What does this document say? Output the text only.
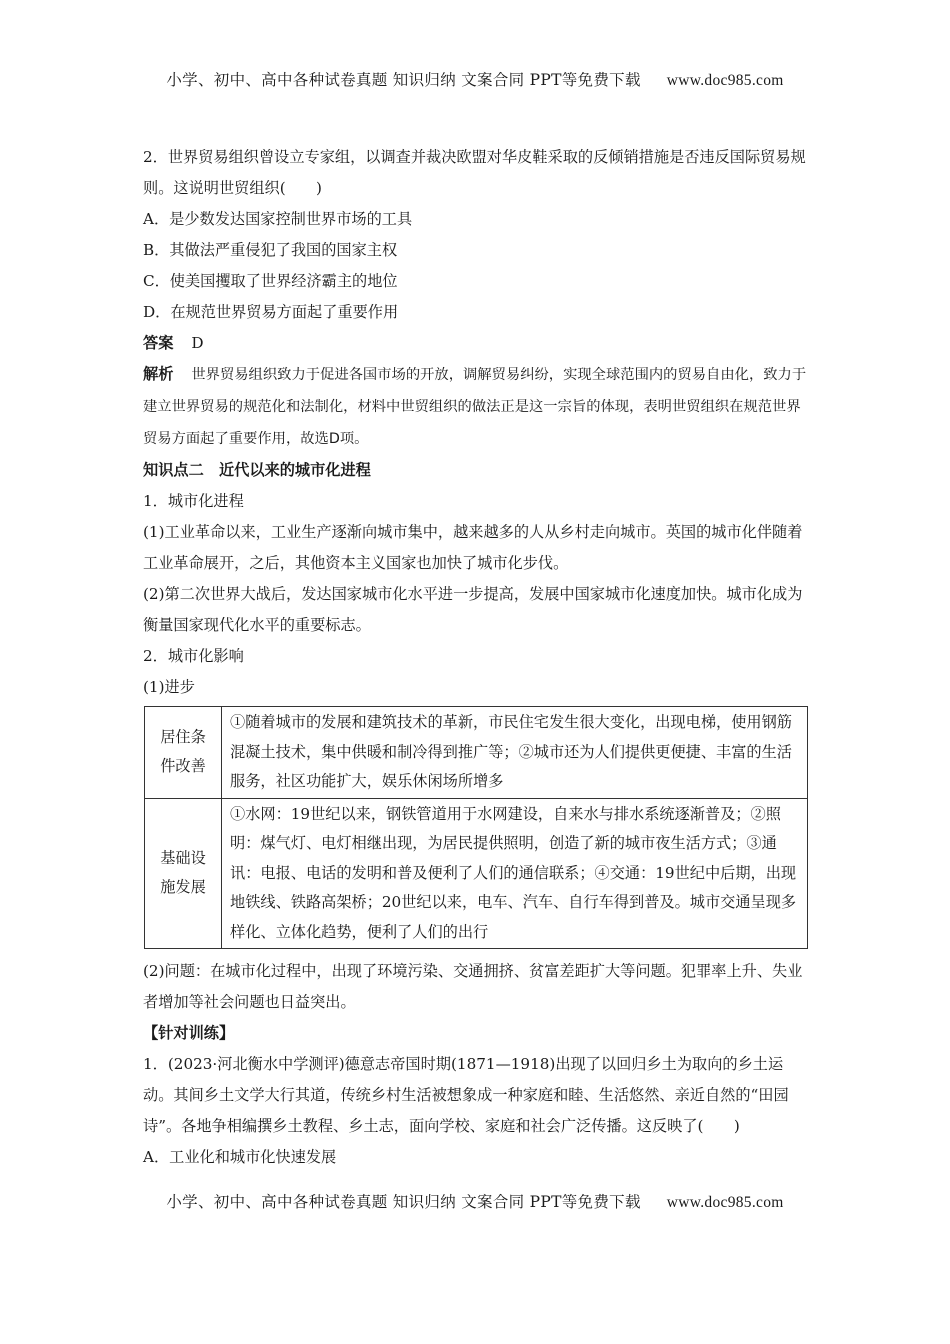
小学、初中、高中各种试卷真题 知识归纳 文案合同 PPT等免费下载 www.doc985.com

2．世界贸易组织曾设立专家组，以调查并裁决欧盟对华皮鞋采取的反倾销措施是否违反国际贸易规则。这说明世贸组织(　　)

A．是少数发达国家控制世界市场的工具

B．其做法严重侵犯了我国的国家主权

C．使美国攫取了世界经济霸主的地位

D．在规范世界贸易方面起了重要作用

答案 D

解析 世界贸易组织致力于促进各国市场的开放，调解贸易纠纷，实现全球范围内的贸易自由化，致力于建立世界贸易的规范化和法制化，材料中世贸组织的做法正是这一宗旨的体现，表明世贸组织在规范世界贸易方面起了重要作用，故选D项。

知识点二　近代以来的城市化进程

1．城市化进程

(1)工业革命以来，工业生产逐渐向城市集中，越来越多的人从乡村走向城市。英国的城市化伴随着工业革命展开，之后，其他资本主义国家也加快了城市化步伐。

(2)第二次世界大战后，发达国家城市化水平进一步提高，发展中国家城市化速度加快。城市化成为衡量国家现代化水平的重要标志。

2．城市化影响

(1)进步

居住条件改善	①随着城市的发展和建筑技术的革新，市民住宅发生很大变化，出现电梯，使用钢筋混凝土技术，集中供暖和制冷得到推广等；②城市还为人们提供更便捷、丰富的生活服务，社区功能扩大，娱乐休闲场所增多
基础设施发展	①水网：19世纪以来，钢铁管道用于水网建设，自来水与排水系统逐渐普及；②照明：煤气灯、电灯相继出现，为居民提供照明，创造了新的城市夜生活方式；③通讯：电报、电话的发明和普及便利了人们的通信联系；④交通：19世纪中后期，出现地铁线、铁路高架桥；20世纪以来，电车、汽车、自行车得到普及。城市交通呈现多样化、立体化趋势，便利了人们的出行

(2)问题：在城市化过程中，出现了环境污染、交通拥挤、贫富差距扩大等问题。犯罪率上升、失业者增加等社会问题也日益突出。

【针对训练】

1．(2023·河北衡水中学测评)德意志帝国时期(1871—1918)出现了以回归乡土为取向的乡土运动。其间乡土文学大行其道，传统乡村生活被想象成一种家庭和睦、生活悠然、亲近自然的“田园诗”。各地争相编撰乡土教程、乡土志，面向学校、家庭和社会广泛传播。这反映了(　　)

A．工业化和城市化快速发展

小学、初中、高中各种试卷真题 知识归纳 文案合同 PPT等免费下载 www.doc985.com
